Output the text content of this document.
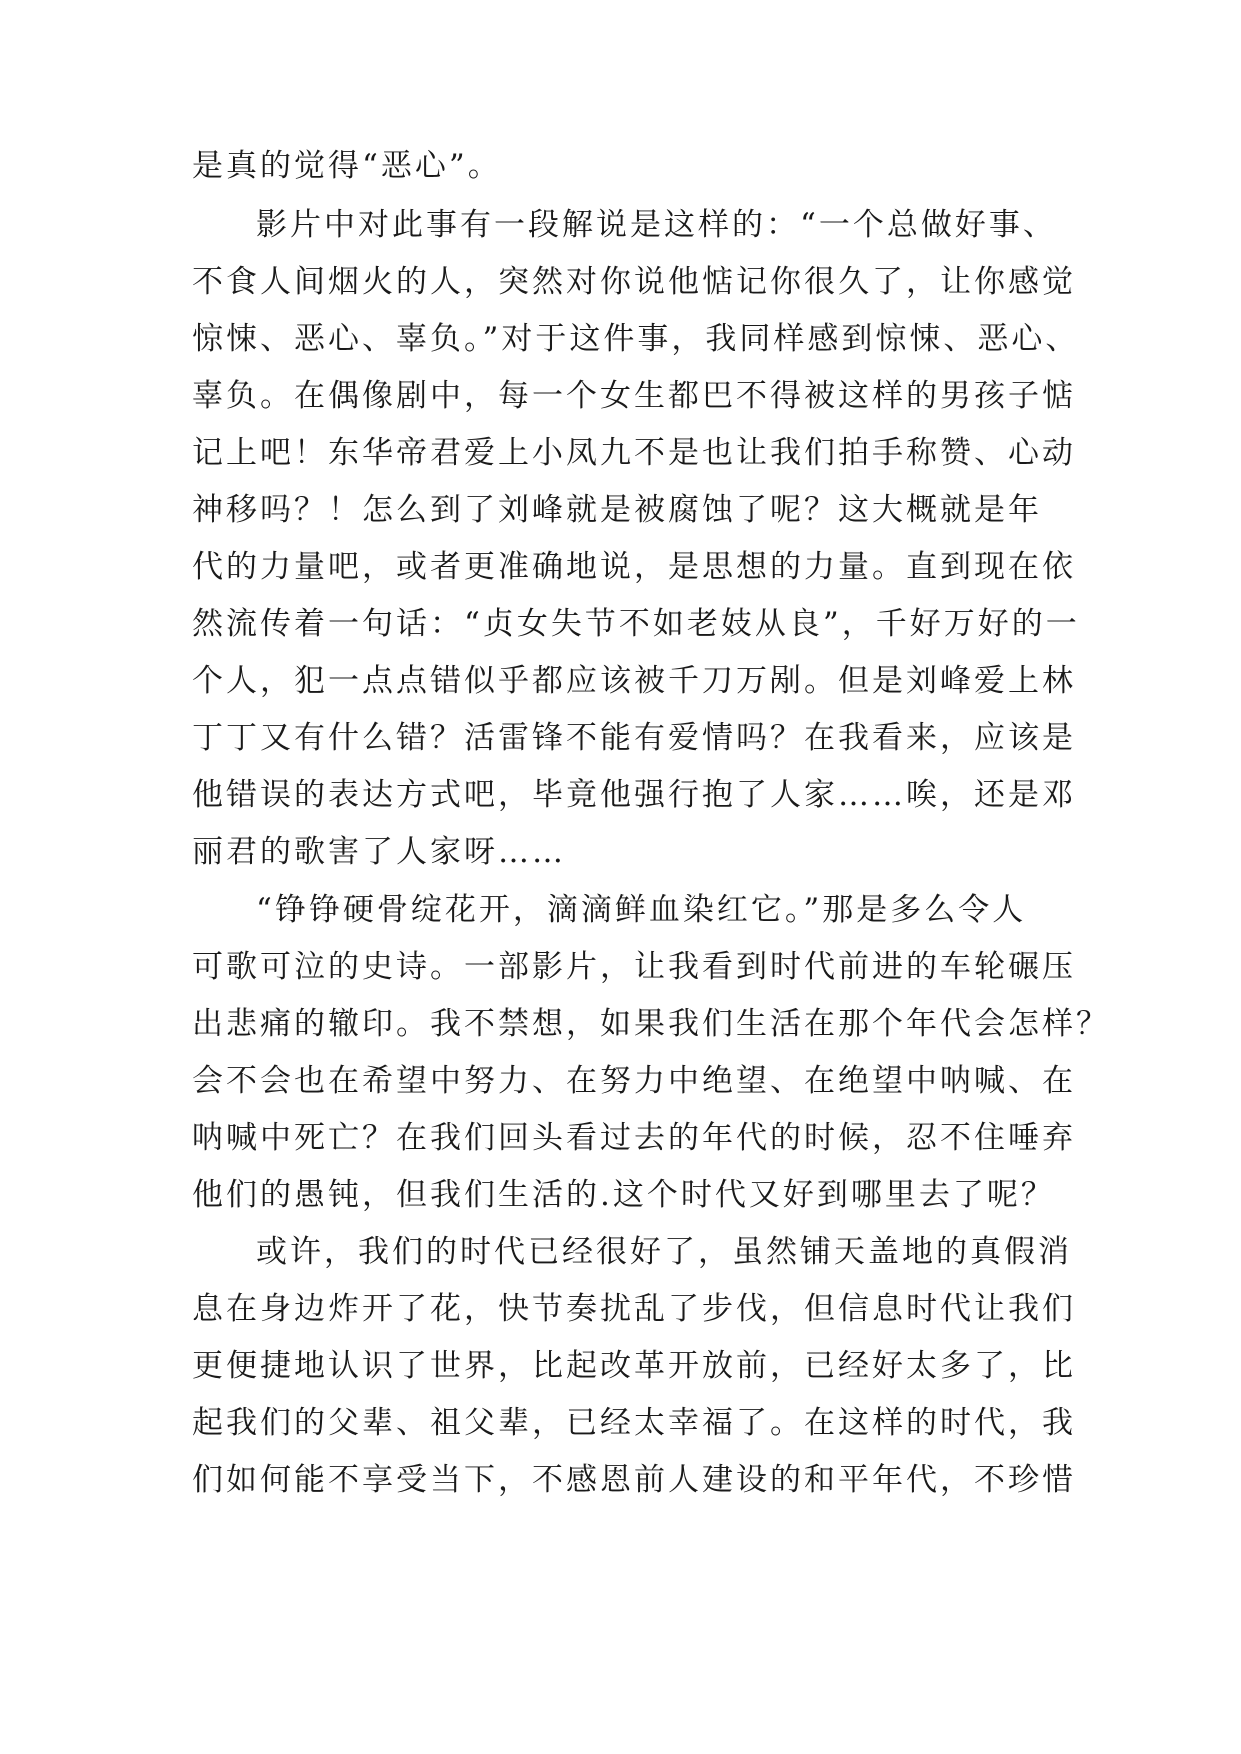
是真的觉得“恶心”。
影片中对此事有一段解说是这样的：“一个总做好事、
不食人间烟火的人，突然对你说他惦记你很久了，让你感觉
惊悚、恶心、辜负。”对于这件事，我同样感到惊悚、恶心、
辜负。在偶像剧中，每一个女生都巴不得被这样的男孩子惦
记上吧！东华帝君爱上小凤九不是也让我们拍手称赞、心动
神移吗？！怎么到了刘峰就是被腐蚀了呢？这大概就是年
代的力量吧，或者更准确地说，是思想的力量。直到现在依
然流传着一句话：“贞女失节不如老妓从良”，千好万好的一
个人，犯一点点错似乎都应该被千刀万剐。但是刘峰爱上林
丁丁又有什么错？活雷锋不能有爱情吗？在我看来，应该是
他错误的表达方式吧，毕竟他强行抱了人家……唉，还是邓
丽君的歌害了人家呀……
“铮铮硬骨绽花开，滴滴鲜血染红它。”那是多么令人
可歌可泣的史诗。一部影片，让我看到时代前进的车轮碾压
出悲痛的辙印。我不禁想，如果我们生活在那个年代会怎样？
会不会也在希望中努力、在努力中绝望、在绝望中呐喊、在
呐喊中死亡？在我们回头看过去的年代的时候，忍不住唾弃
他们的愚钝，但我们生活的.这个时代又好到哪里去了呢？
或许，我们的时代已经很好了，虽然铺天盖地的真假消
息在身边炸开了花，快节奏扰乱了步伐，但信息时代让我们
更便捷地认识了世界，比起改革开放前，已经好太多了，比
起我们的父辈、祖父辈，已经太幸福了。在这样的时代，我
们如何能不享受当下，不感恩前人建设的和平年代，不珍惜
